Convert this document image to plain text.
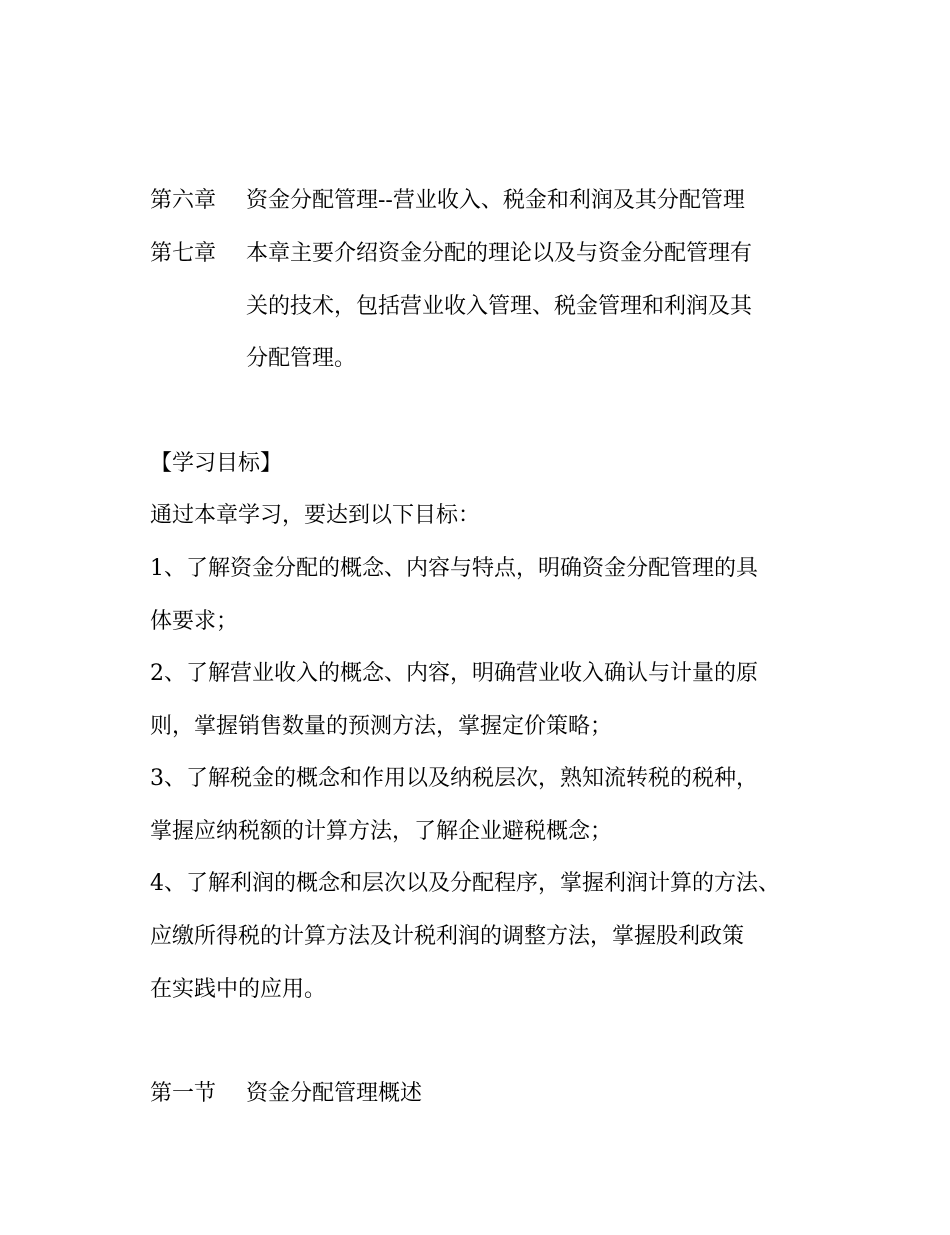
第六章 资金分配管理--营业收入、税金和利润及其分配管理
第七章 本章主要介绍资金分配的理论以及与资金分配管理有
关的技术，包括营业收入管理、税金管理和利润及其
分配管理。
【学习目标】
通过本章学习，要达到以下目标：
1、了解资金分配的概念、内容与特点，明确资金分配管理的具
体要求；
2、了解营业收入的概念、内容，明确营业收入确认与计量的原
则，掌握销售数量的预测方法，掌握定价策略；
3、了解税金的概念和作用以及纳税层次，熟知流转税的税种，
掌握应纳税额的计算方法，了解企业避税概念；
4、了解利润的概念和层次以及分配程序，掌握利润计算的方法、
应缴所得税的计算方法及计税利润的调整方法，掌握股利政策
在实践中的应用。
第一节 资金分配管理概述
